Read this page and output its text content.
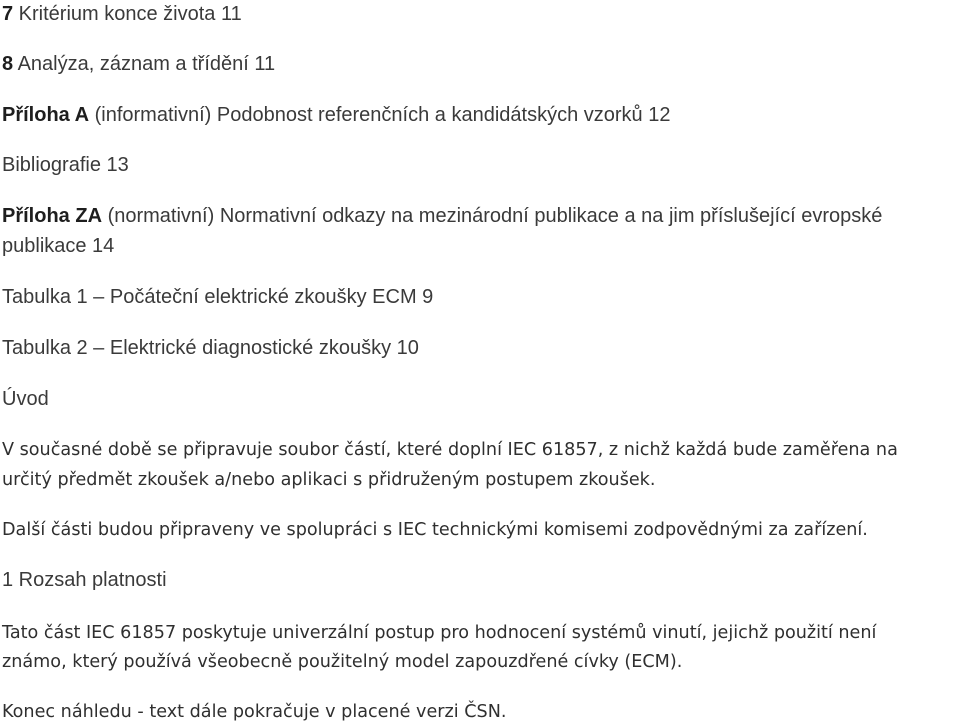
7 Kritérium konce života 11
8 Analýza, záznam a třídění 11
Příloha A (informativní) Podobnost referenčních a kandidátských vzorků 12
Bibliografie 13
Příloha ZA (normativní) Normativní odkazy na mezinárodní publikace a na jim příslušející evropské
publikace 14
Tabulka 1 – Počáteční elektrické zkoušky ECM 9
Tabulka 2 – Elektrické diagnostické zkoušky 10
Úvod
V současné době se připravuje soubor částí, které doplní IEC 61857, z nichž každá bude zaměřena na
určitý předmět zkoušek a/nebo aplikaci s přidruženým postupem zkoušek.
Další části budou připraveny ve spolupráci s IEC technickými komisemi zodpovědnými za zařízení.
1 Rozsah platnosti
Tato část IEC 61857 poskytuje univerzální postup pro hodnocení systémů vinutí, jejichž použití není
známo, který používá všeobecně použitelný model zapouzdřené cívky (ECM).
Konec náhledu - text dále pokračuje v placené verzi ČSN.
